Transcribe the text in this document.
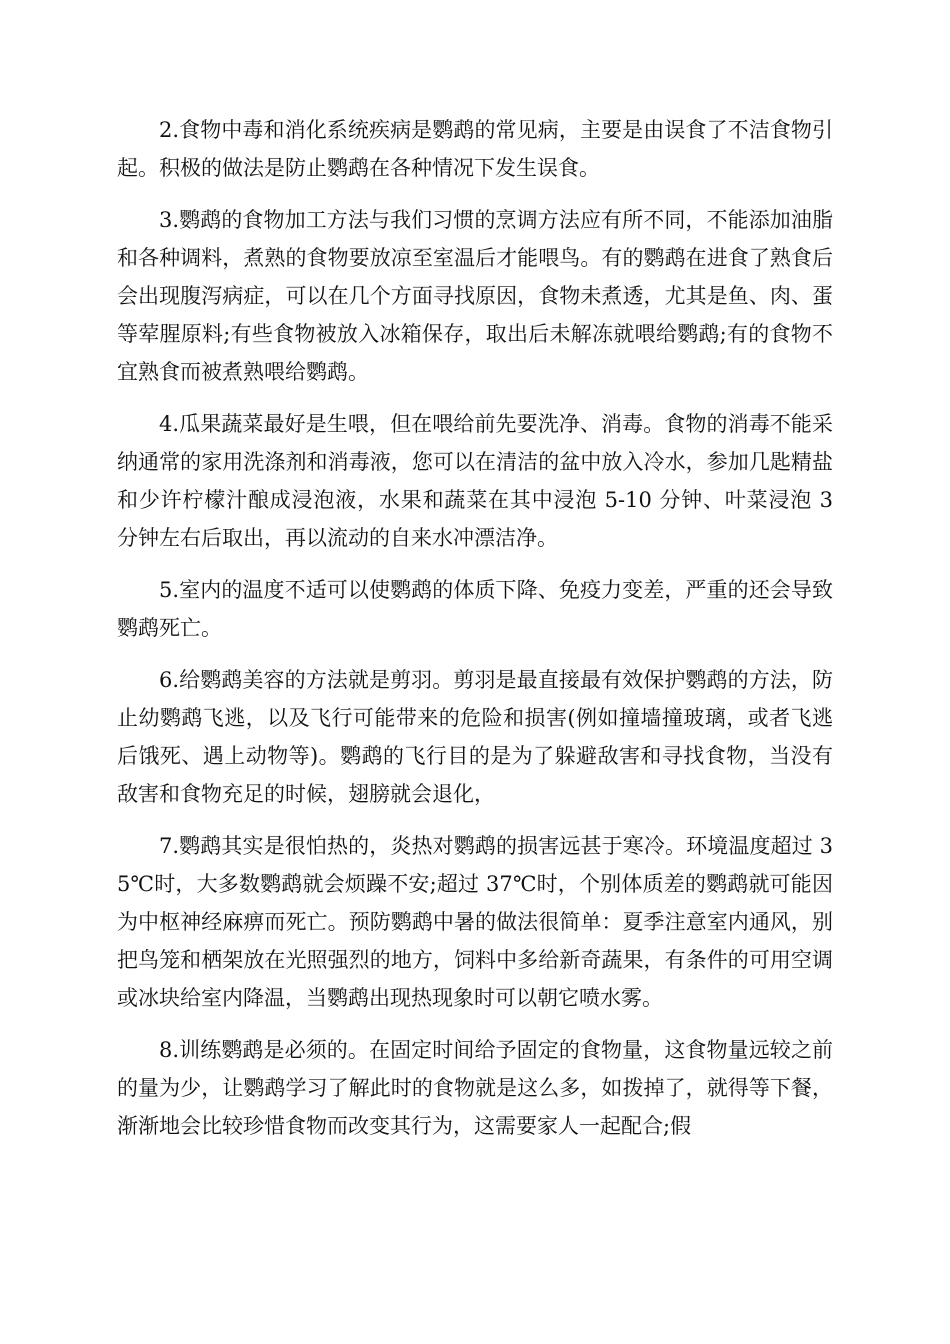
2.食物中毒和消化系统疾病是鹦鹉的常见病，主要是由误食了不洁食物引起。积极的做法是防止鹦鹉在各种情况下发生误食。

3.鹦鹉的食物加工方法与我们习惯的烹调方法应有所不同，不能添加油脂和各种调料，煮熟的食物要放凉至室温后才能喂鸟。有的鹦鹉在进食了熟食后会出现腹泻病症，可以在几个方面寻找原因，食物未煮透，尤其是鱼、肉、蛋等荤腥原料;有些食物被放入冰箱保存，取出后未解冻就喂给鹦鹉;有的食物不宜熟食而被煮熟喂给鹦鹉。

4.瓜果蔬菜最好是生喂，但在喂给前先要洗净、消毒。食物的消毒不能采纳通常的家用洗涤剂和消毒液，您可以在清洁的盆中放入冷水，参加几匙精盐和少许柠檬汁酿成浸泡液，水果和蔬菜在其中浸泡 5-10 分钟、叶菜浸泡 3 分钟左右后取出，再以流动的自来水冲漂洁净。

5.室内的温度不适可以使鹦鹉的体质下降、免疫力变差，严重的还会导致鹦鹉死亡。

6.给鹦鹉美容的方法就是剪羽。剪羽是最直接最有效保护鹦鹉的方法，防止幼鹦鹉飞逃，以及飞行可能带来的危险和损害(例如撞墙撞玻璃，或者飞逃后饿死、遇上动物等)。鹦鹉的飞行目的是为了躲避敌害和寻找食物，当没有敌害和食物充足的时候，翅膀就会退化，

7.鹦鹉其实是很怕热的，炎热对鹦鹉的损害远甚于寒冷。环境温度超过 35℃时，大多数鹦鹉就会烦躁不安;超过 37℃时，个别体质差的鹦鹉就可能因为中枢神经麻痹而死亡。预防鹦鹉中暑的做法很简单：夏季注意室内通风，别把鸟笼和栖架放在光照强烈的地方，饲料中多给新奇蔬果，有条件的可用空调或冰块给室内降温，当鹦鹉出现热现象时可以朝它喷水雾。

8.训练鹦鹉是必须的。在固定时间给予固定的食物量，这食物量远较之前的量为少，让鹦鹉学习了解此时的食物就是这么多，如拨掉了，就得等下餐，渐渐地会比较珍惜食物而改变其行为，这需要家人一起配合;假
